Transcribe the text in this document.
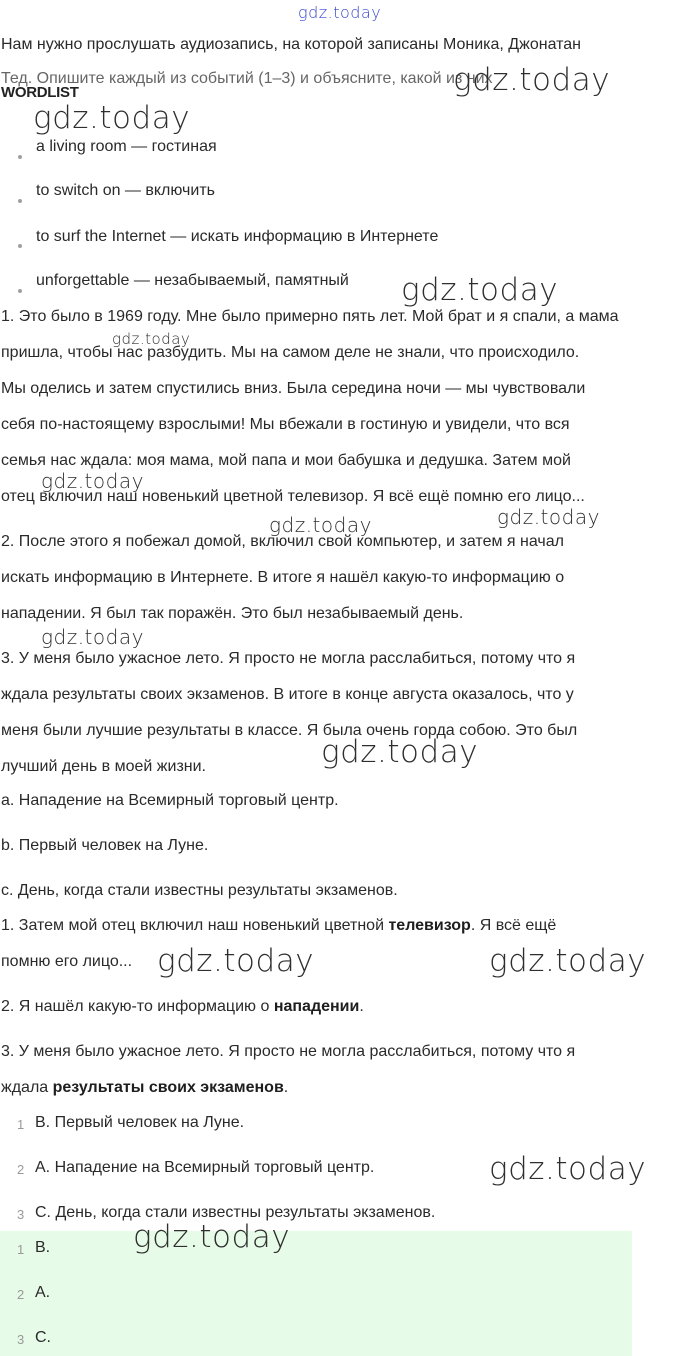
gdz.today
Нам нужно прослушать аудиозапись, на которой записаны Моника, Джонатан
Тед. Опишите каждый из событий (1–3) и объясните, какой из них
WORDLIST	gdz.today
gdz.today
a living room — гостиная
to switch on — включить
to surf the Internet — искать информацию в Интернете
unforgettable — незабываемый, памятный gdz.today
1. Это было в 1969 году. Мне было примерно пять лет. Мой брат и я спали, а мама
gdz.today
пришла, чтобы нас разбудить. Мы на самом деле не знали, что происходило.
Мы оделись и затем спустились вниз. Была середина ночи — мы чувствовали
себя по-настоящему взрослыми! Мы вбежали в гостиную и увидели, что вся
семья нас ждала: моя мама, мой папа и мои бабушка и дедушка. Затем мой
gdz.today
отец включил наш новенький цветной телевизор. Я всё ещё помню его лицо...
gdz.today	gdz.today
2. После этого я побежал домой, включил свой компьютер, и затем я начал
искать информацию в Интернете. В итоге я нашёл какую-то информацию о
нападении. Я был так поражён. Это был незабываемый день.
gdz.today
3. У меня было ужасное лето. Я просто не могла расслабиться, потому что я
ждала результаты своих экзаменов. В итоге в конце августа оказалось, что у
меня были лучшие результаты в классе. Я была очень горда собою. Это был
gdz.today
лучший день в моей жизни.
a. Нападение на Всемирный торговый центр.
b. Первый человек на Луне.
c. День, когда стали известны результаты экзаменов.
1. Затем мой отец включил наш новенький цветной телевизор. Я всё ещё
помню его лицо... gdz.today	gdz.today
2. Я нашёл какую-то информацию о нападении.
3. У меня было ужасное лето. Я просто не могла расслабиться, потому что я
ждала результаты своих экзаменов.
1 B. Первый человек на Луне.
2 A. Нападение на Всемирный торговый центр.	gdz.today
3 C. День, когда стали известны результаты экзаменов.
1 B.	gdz.today
2 A.
3 C.
